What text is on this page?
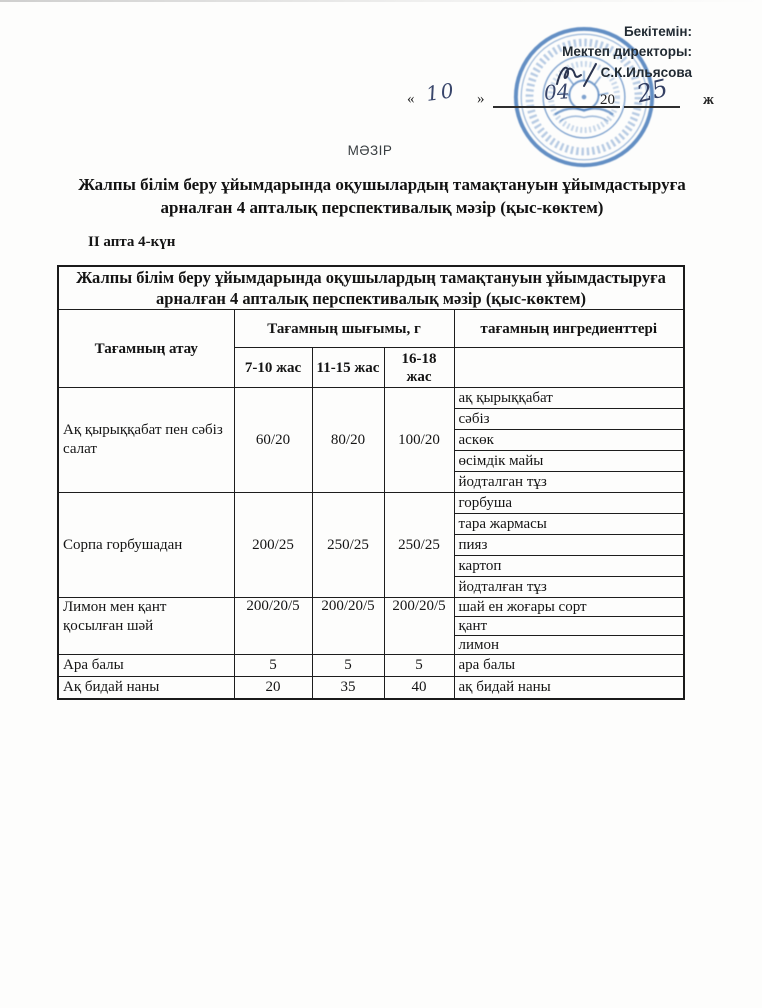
Бекітемін:
Мектеп директоры:
С.К.Ильясова
« 10 »	04	20 25	ж
МӘЗІР
Жалпы білім беру ұйымдарында оқушылардың тамақтануын ұйымдастыруға арналған 4 апталық перспективалық мәзір (қыс-көктем)
II апта 4-күн
Жалпы білім беру ұйымдарында оқушылардың тамақтануын ұйымдастыруға арналған 4 апталық перспективалық мәзір (қыс-көктем)				
Тағамның атау	Тағамның шығымы, г			тағамның ингредиенттері
	7-10 жас	11-15 жас	16-18 жас	
Ақ қырыққабат пен сәбіз салат	60/20	80/20	100/20	ақ қырыққабат
				сәбіз
				аскөк
				өсімдік майы
				йодталган тұз
Сорпа горбушадан	200/25	250/25	250/25	горбуша
				тара жармасы
				пияз
				картоп
				йодталған тұз
Лимон мен қант қосылған шәй	200/20/5	200/20/5	200/20/5	шай ен жоғары сорт
				қант
				лимон
Ара балы	5	5	5	ара балы
Ақ бидай наны	20	35	40	ақ бидай наны
